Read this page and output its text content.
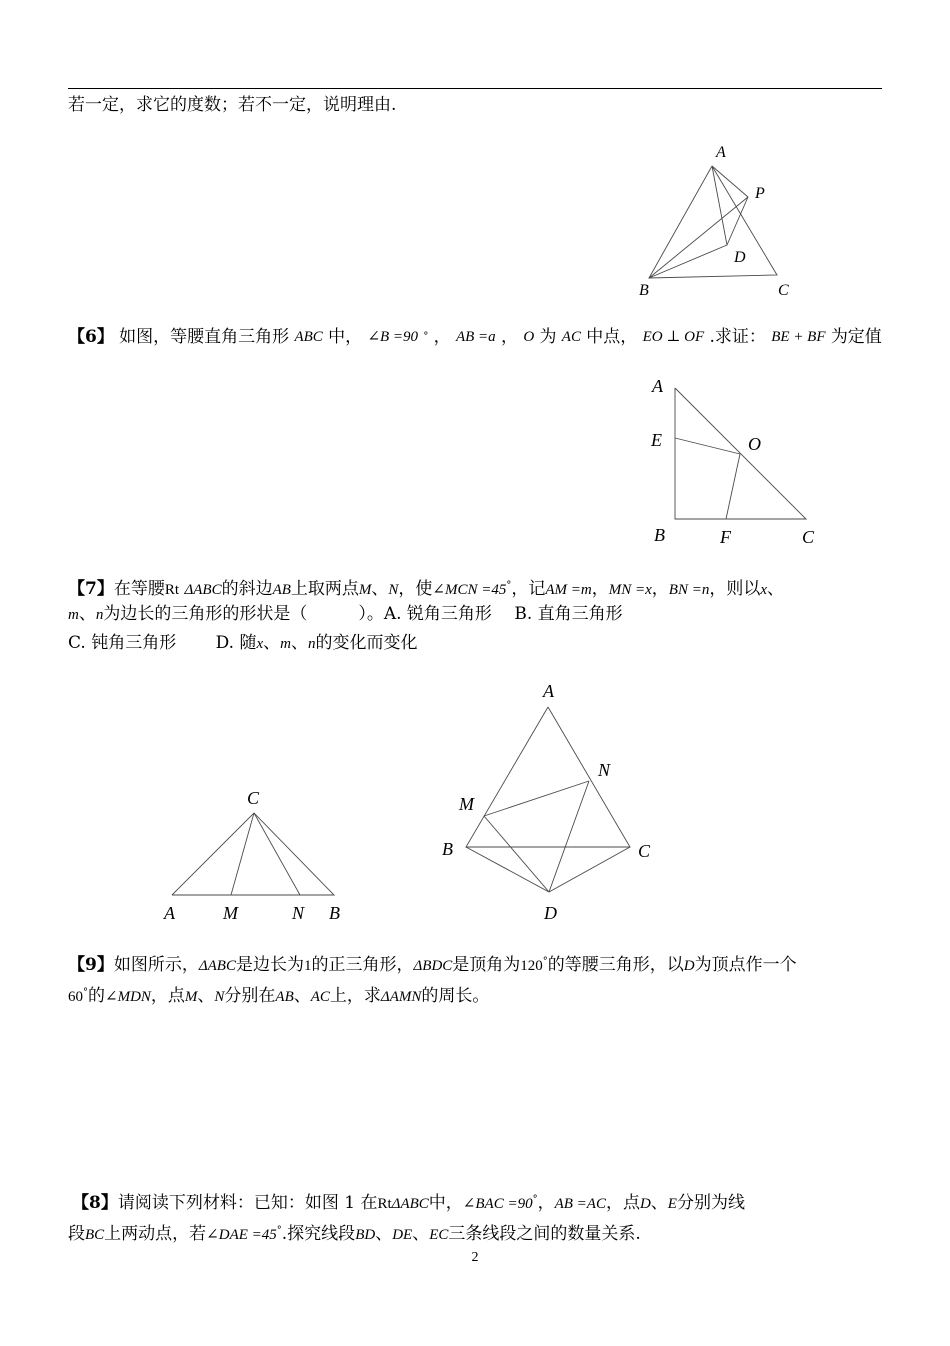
若一定，求它的度数；若不一定，说明理由.
【6】 如图，等腰直角三角形 ABC 中， ∠B =90 ° ， AB =a ， O 为 AC 中点， EO ⊥ OF .求证： BE + BF 为定值
【7】在等腰Rt ΔABC的斜边AB上取两点M、N，使∠MCN =45°，记AM =m，MN =x，BN =n，则以x、
m、n为边长的三角形的形状是（　　　）。A. 锐角三角形　 B. 直角三角形
C. 钝角三角形　　 D. 随x、m、n的变化而变化
【9】如图所示，ΔABC是边长为1的正三角形，ΔBDC是顶角为120°的等腰三角形，以D为顶点作一个
60°的∠MDN，点M、N分别在AB、AC上，求ΔAMN的周长。
【8】请阅读下列材料：已知：如图 1 在RtΔABC中，∠BAC =90°，AB =AC，点D、E分别为线
段BC上两动点，若∠DAE =45°.探究线段BD、DE、EC三条线段之间的数量关系.
A
P
D
B	C
A
E	O
B	F	C
C
A	M	N B
A
N
M
B	C
D
2
